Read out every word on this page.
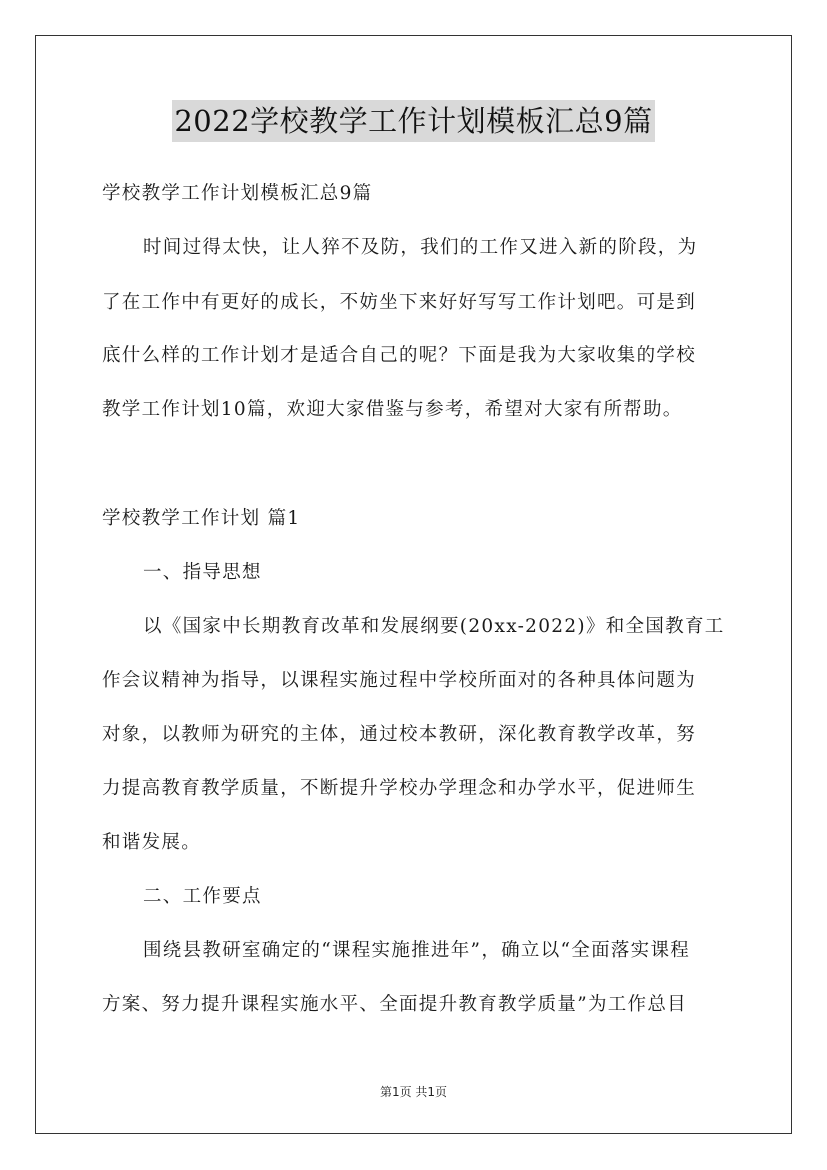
2022学校教学工作计划模板汇总9篇
学校教学工作计划模板汇总9篇
时间过得太快，让人猝不及防，我们的工作又进入新的阶段，为
了在工作中有更好的成长，不妨坐下来好好写写工作计划吧。可是到
底什么样的工作计划才是适合自己的呢？下面是我为大家收集的学校
教学工作计划10篇，欢迎大家借鉴与参考，希望对大家有所帮助。
学校教学工作计划 篇1
一、指导思想
以《国家中长期教育改革和发展纲要(20xx-2022)》和全国教育工
作会议精神为指导，以课程实施过程中学校所面对的各种具体问题为
对象，以教师为研究的主体，通过校本教研，深化教育教学改革，努
力提高教育教学质量，不断提升学校办学理念和办学水平，促进师生
和谐发展。
二、工作要点
围绕县教研室确定的“课程实施推进年”，确立以“全面落实课程
方案、努力提升课程实施水平、全面提升教育教学质量”为工作总目
第1页 共1页
